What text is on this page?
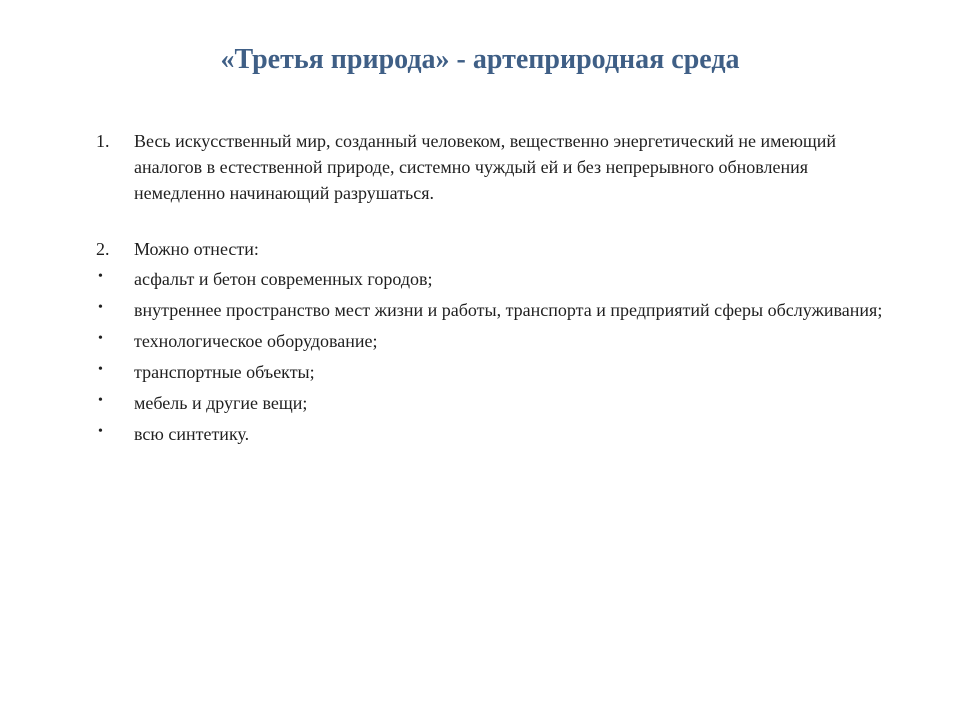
«Третья природа» - артеприродная среда

1. Весь искусственный мир, созданный человеком, вещественно энергетический не имеющий аналогов в естественной природе, системно чуждый ей и без непрерывного обновления немедленно начинающий разрушаться.

2. Можно отнести:

• асфальт и бетон современных городов;

• внутреннее пространство мест жизни и работы, транспорта и предприятий сферы обслуживания;

• технологическое оборудование;

• транспортные объекты;

• мебель и другие вещи;

• всю синтетику.
